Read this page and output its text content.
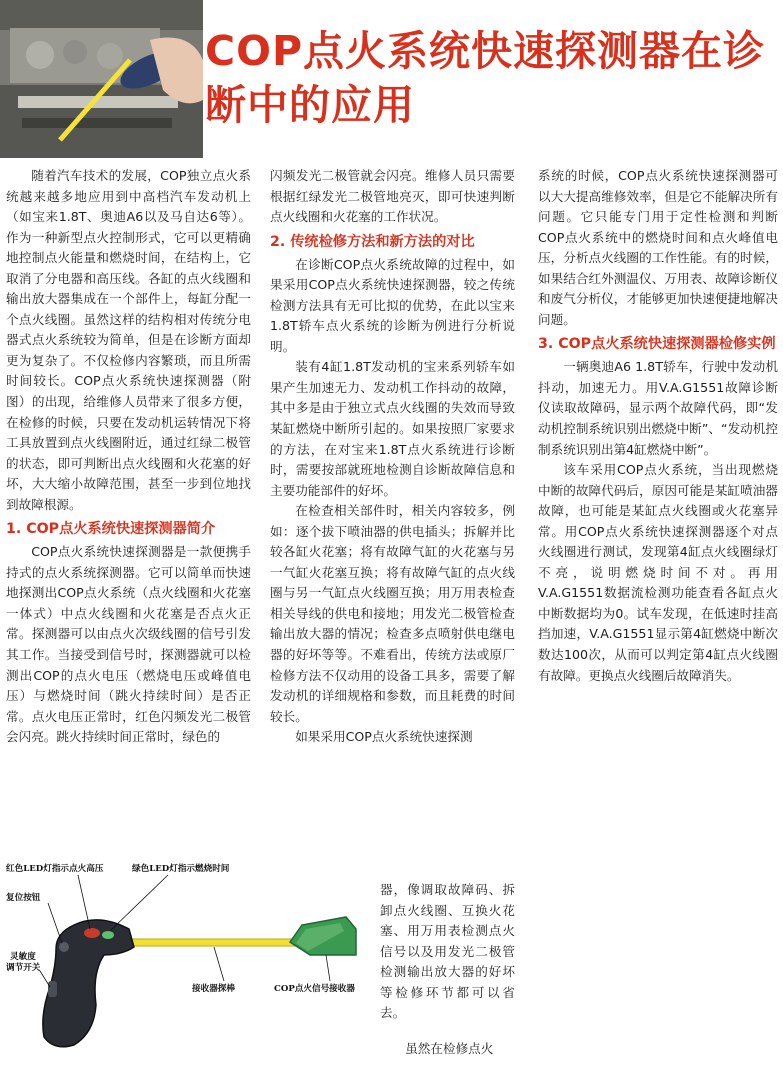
COP点火系统快速探测器在诊断中的应用

随着汽车技术的发展，COP独立点火系统越来越多地应用到中高档汽车发动机上（如宝来1.8T、奥迪A6以及马自达6等）。作为一种新型点火控制形式，它可以更精确地控制点火能量和燃烧时间，在结构上，它取消了分电器和高压线。各缸的点火线圈和输出放大器集成在一个部件上，每缸分配一个点火线圈。虽然这样的结构相对传统分电器式点火系统较为简单，但是在诊断方面却更为复杂了。不仅检修内容繁琐，而且所需时间较长。COP点火系统快速探测器（附图）的出现，给维修人员带来了很多方便，在检修的时候，只要在发动机运转情况下将工具放置到点火线圈附近，通过红绿二极管的状态，即可判断出点火线圈和火花塞的好坏，大大缩小故障范围，甚至一步到位地找到故障根源。

1. COP点火系统快速探测器简介

COP点火系统快速探测器是一款便携手持式的点火系统探测器。它可以简单而快速地探测出COP点火系统（点火线圈和火花塞一体式）中点火线圈和火花塞是否点火正常。探测器可以由点火次级线圈的信号引发其工作。当接受到信号时，探测器就可以检测出COP的点火电压（燃烧电压或峰值电压）与燃烧时间（跳火持续时间）是否正常。点火电压正常时，红色闪频发光二极管会闪亮。跳火持续时间正常时，绿色的

闪频发光二极管就会闪亮。维修人员只需要根据红绿发光二极管地亮灭，即可快速判断点火线圈和火花塞的工作状况。

2. 传统检修方法和新方法的对比

在诊断COP点火系统故障的过程中，如果采用COP点火系统快速探测器，较之传统检测方法具有无可比拟的优势，在此以宝来1.8T轿车点火系统的诊断为例进行分析说明。

装有4缸1.8T发动机的宝来系列轿车如果产生加速无力、发动机工作抖动的故障，其中多是由于独立式点火线圈的失效而导致某缸燃烧中断所引起的。如果按照厂家要求的方法，在对宝来1.8T点火系统进行诊断时，需要按部就班地检测自诊断故障信息和主要功能部件的好坏。

在检查相关部件时，相关内容较多，例如：逐个拔下喷油器的供电插头；拆解并比较各缸火花塞；将有故障气缸的火花塞与另一气缸火花塞互换；将有故障气缸的点火线圈与另一气缸点火线圈互换；用万用表检查相关导线的供电和接地；用发光二极管检查输出放大器的情况；检查多点喷射供电继电器的好坏等等。不难看出，传统方法或原厂检修方法不仅动用的设备工具多，需要了解发动机的详细规格和参数，而且耗费的时间较长。

如果采用COP点火系统快速探测

器，像调取故障码、拆卸点火线圈、互换火花塞、用万用表检测点火信号以及用发光二极管检测输出放大器的好坏等检修环节都可以省去。

虽然在检修点火

系统的时候，COP点火系统快速探测器可以大大提高维修效率，但是它不能解决所有问题。它只能专门用于定性检测和判断COP点火系统中的燃烧时间和点火峰值电压，分析点火线圈的工作性能。有的时候，如果结合红外测温仪、万用表、故障诊断仪和废气分析仪，才能够更加快速便捷地解决问题。

3. COP点火系统快速探测器检修实例

一辆奥迪A6 1.8T轿车，行驶中发动机抖动，加速无力。用V.A.G1551故障诊断仪读取故障码，显示两个故障代码，即“发动机控制系统识别出燃烧中断”、“发动机控制系统识别出第4缸燃烧中断”。

该车采用COP点火系统，当出现燃烧中断的故障代码后，原因可能是某缸喷油器故障，也可能是某缸点火线圈或火花塞异常。用COP点火系统快速探测器逐个对点火线圈进行测试，发现第4缸点火线圈绿灯不亮，说明燃烧时间不对。再用V.A.G1551数据流检测功能查看各缸点火中断数据均为0。试车发现，在低速时挂高挡加速，V.A.G1551显示第4缸燃烧中断次数达100次，从而可以判定第4缸点火线圈有故障。更换点火线圈后故障消失。

红色LED灯指示点火高压	绿色LED灯指示燃烧时间
复位按钮
灵敏度
调节开关
接收器探棒	COP点火信号接收器
